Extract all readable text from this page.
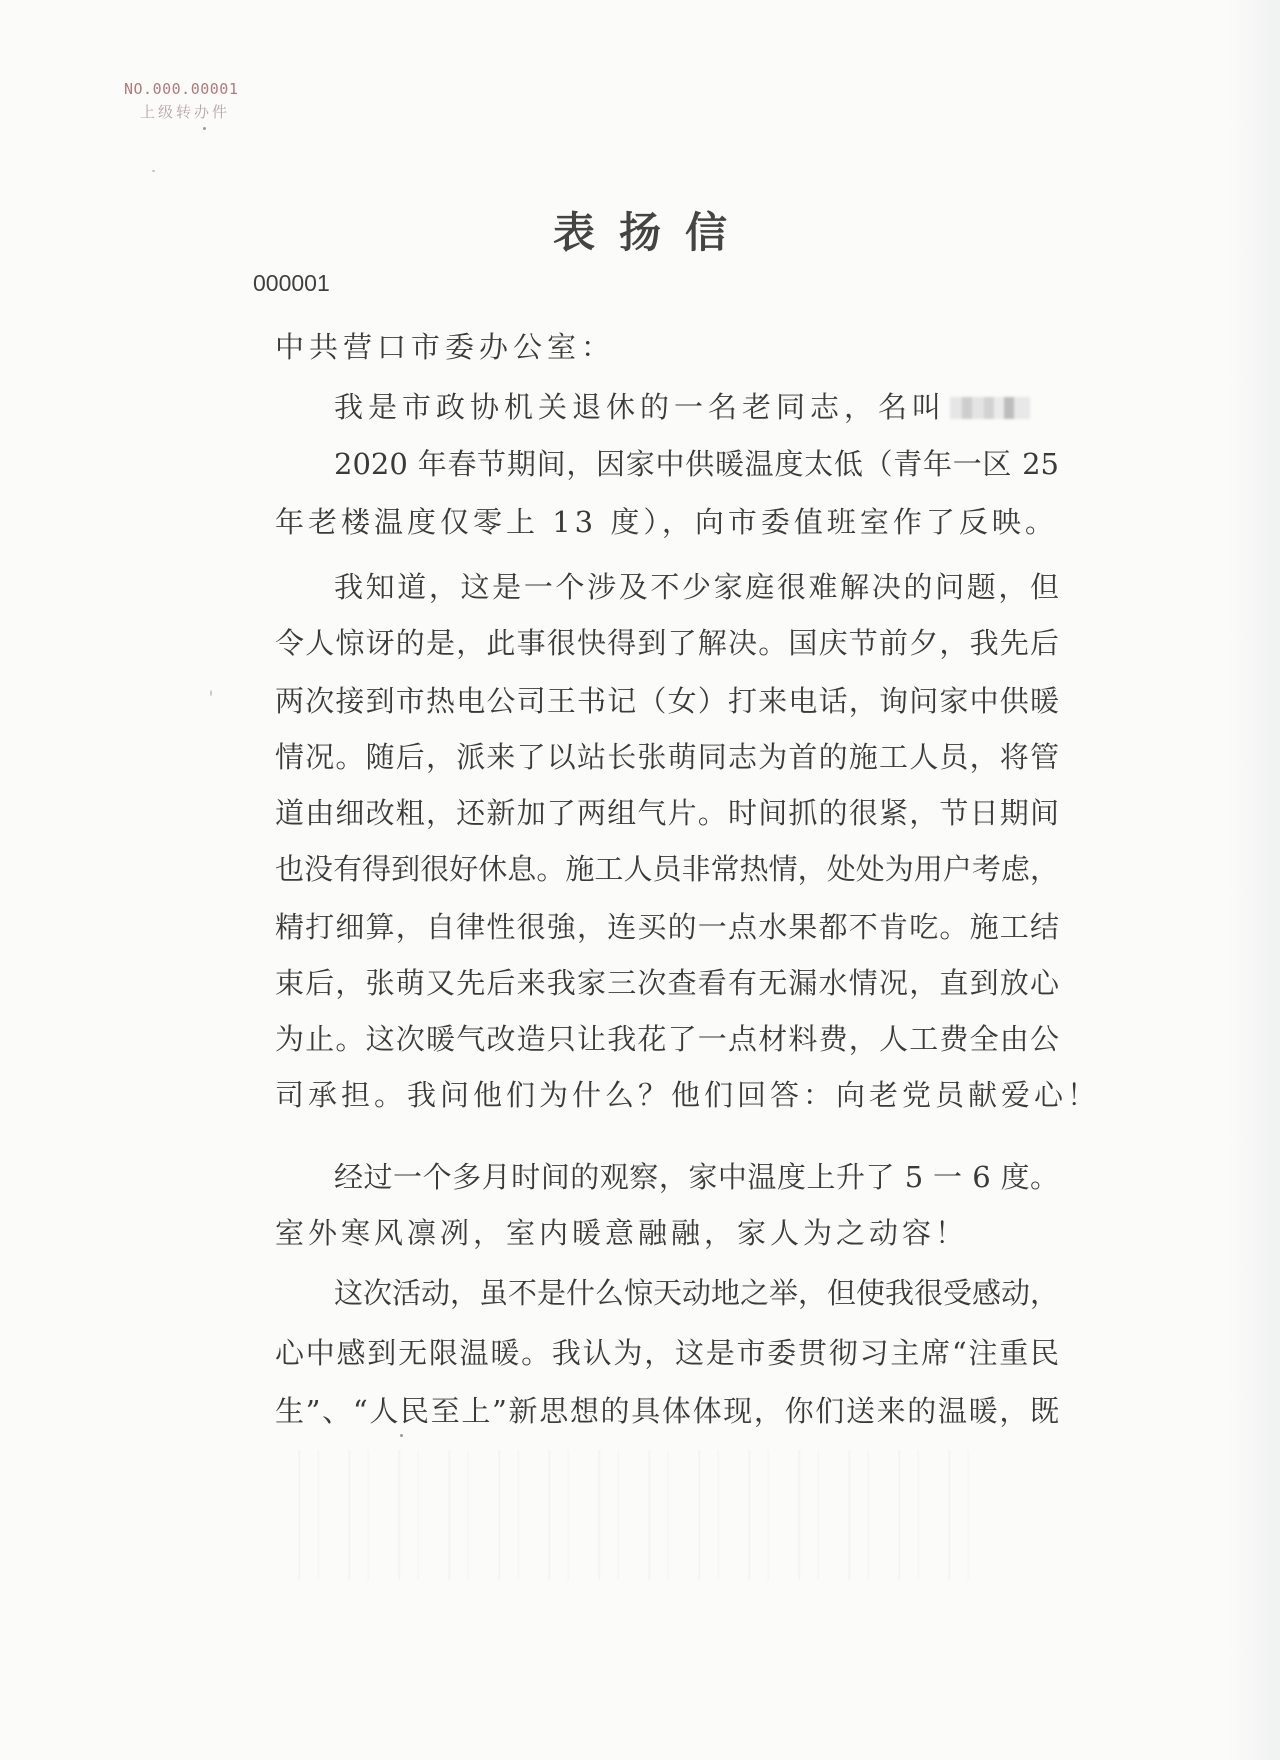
NO.000.00001
上级转办件
表扬信
000001
中共营口市委办公室：
我是市政协机关退休的一名老同志，名叫
2020 年春节期间，因家中供暖温度太低（青年一区 25
年老楼温度仅零上 13 度），向市委值班室作了反映。
我知道，这是一个涉及不少家庭很难解决的问题，但
令人惊讶的是，此事很快得到了解决。国庆节前夕，我先后
两次接到市热电公司王书记（女）打来电话，询问家中供暖
情况。随后，派来了以站长张萌同志为首的施工人员，将管
道由细改粗，还新加了两组气片。时间抓的很紧，节日期间
也没有得到很好休息。施工人员非常热情，处处为用户考虑，
精打细算，自律性很強，连买的一点水果都不肯吃。施工结
束后，张萌又先后来我家三次查看有无漏水情况，直到放心
为止。这次暖气改造只让我花了一点材料费，人工费全由公
司承担。我问他们为什么？他们回答：向老党员献爱心！
经过一个多月时间的观察，家中温度上升了 5 一 6 度。
室外寒风凛冽，室内暖意融融，家人为之动容！
这次活动，虽不是什么惊天动地之举，但使我很受感动，
心中感到无限温暖。我认为，这是市委贯彻习主席“注重民
生”、“人民至上”新思想的具体体现，你们送来的温暖，既
